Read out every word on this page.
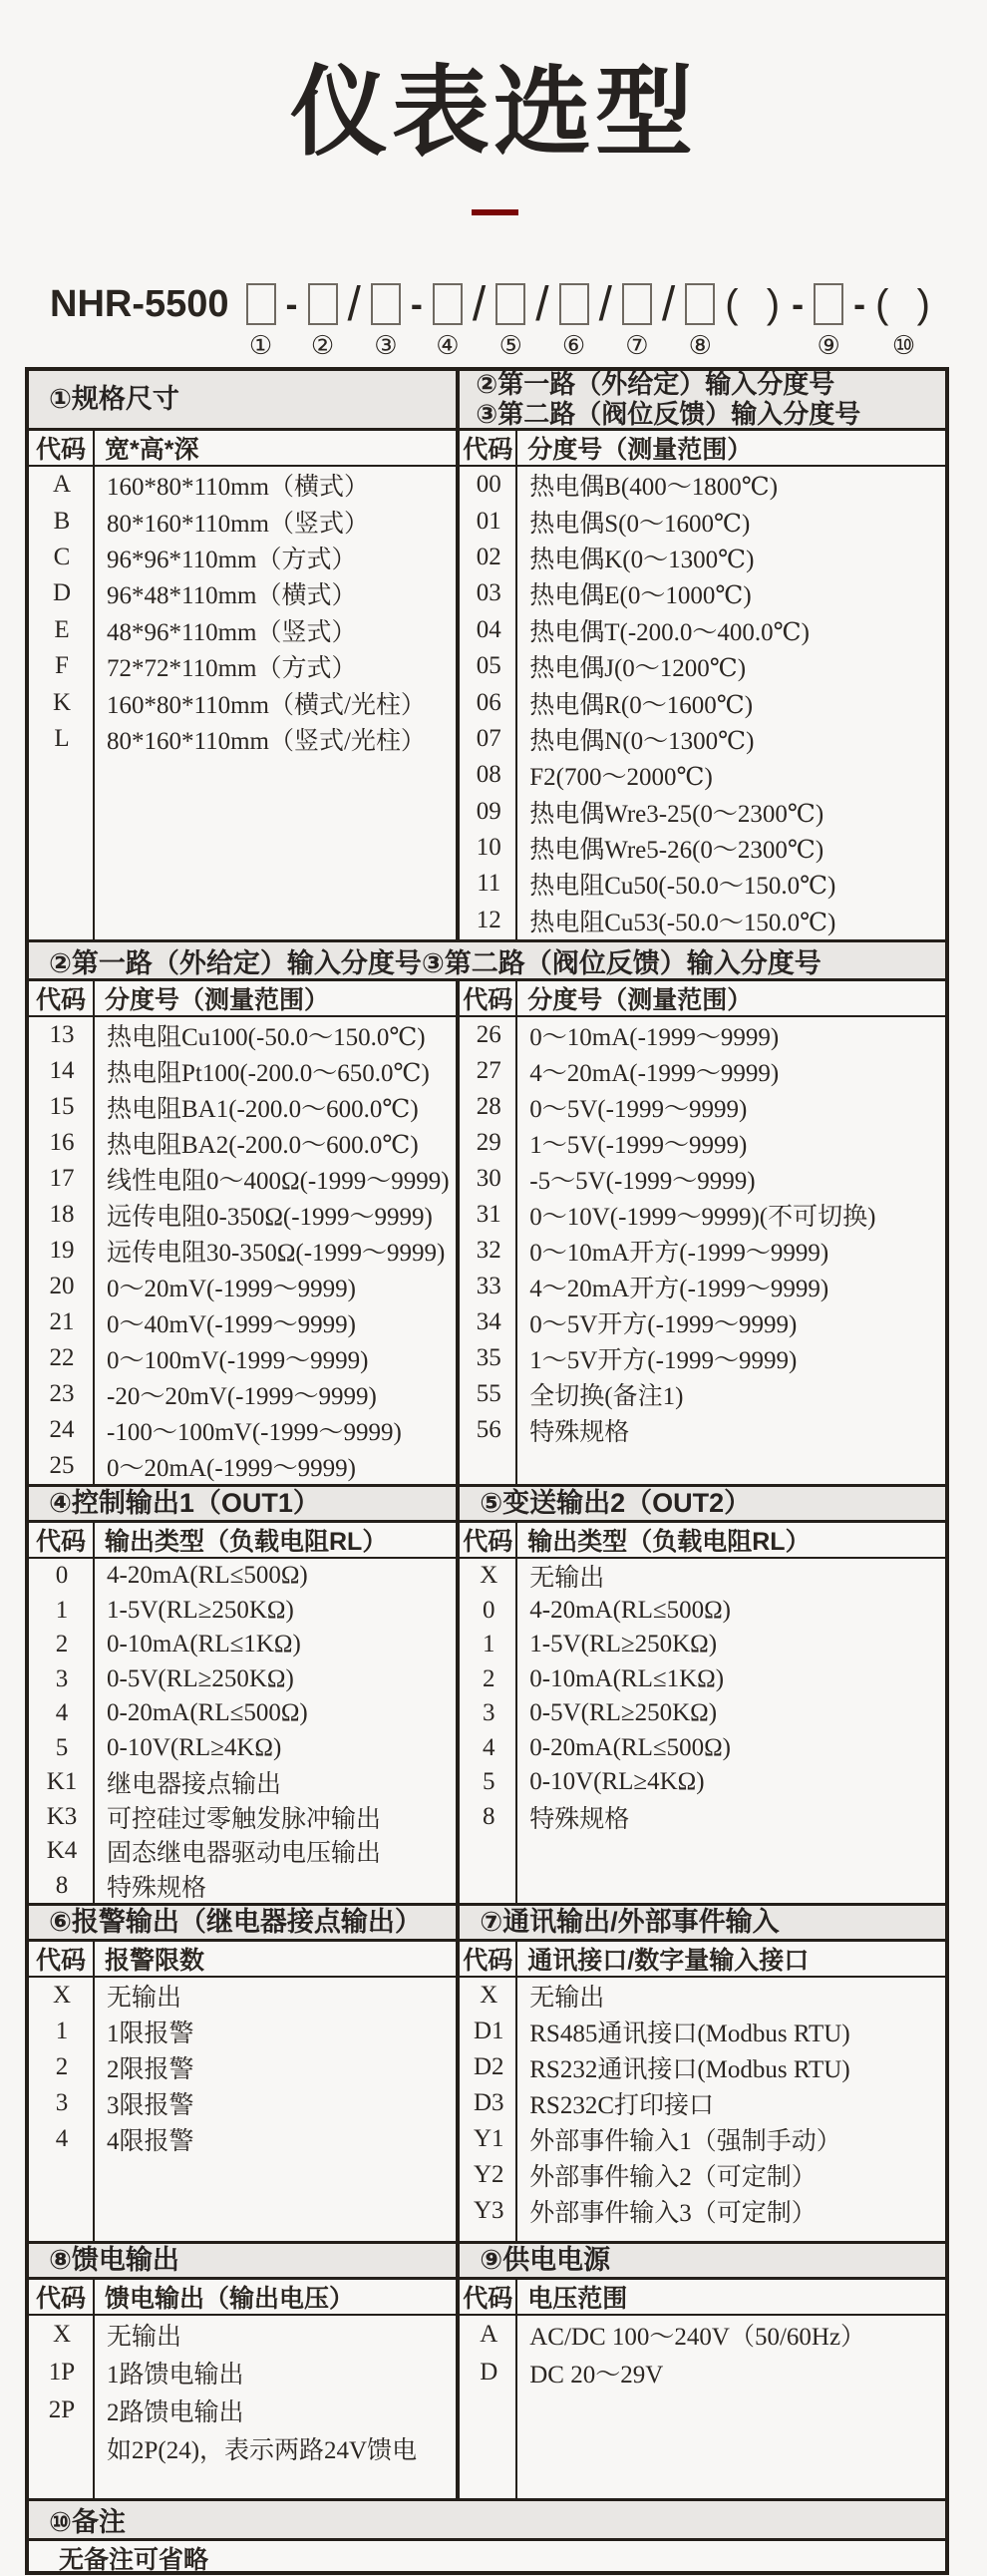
仪表选型
NHR-5500
①
-
②
/
③
-
④
/
⑤
/
⑥
/
⑦
/
⑧
(  ) -
⑨
- (  )
⑩
①规格尺寸
代码 宽*高*深
A	160*80*110mm（横式）
B	80*160*110mm（竖式）
C	96*96*110mm（方式）
D	96*48*110mm（横式）
E	48*96*110mm（竖式）
F	72*72*110mm（方式）
K	160*80*110mm（横式/光柱）
L	80*160*110mm（竖式/光柱）
②第一路（外给定）输入分度号
③第二路（阀位反馈）输入分度号
代码 分度号（测量范围）
00	热电偶B(400～1800℃)
01	热电偶S(0～1600℃)
02	热电偶K(0～1300℃)
03	热电偶E(0～1000℃)
04	热电偶T(-200.0～400.0℃)
05	热电偶J(0～1200℃)
06	热电偶R(0～1600℃)
07	热电偶N(0～1300℃)
08	F2(700～2000℃)
09	热电偶Wre3-25(0～2300℃)
10	热电偶Wre5-26(0～2300℃)
11	热电阻Cu50(-50.0～150.0℃)
12	热电阻Cu53(-50.0～150.0℃)
②第一路（外给定）输入分度号③第二路（阀位反馈）输入分度号
代码 分度号（测量范围）
13	热电阻Cu100(-50.0～150.0℃)
14	热电阻Pt100(-200.0～650.0℃)
15	热电阻BA1(-200.0～600.0℃)
16	热电阻BA2(-200.0～600.0℃)
17	线性电阻0～400Ω(-1999～9999)
18	远传电阻0-350Ω(-1999～9999)
19	远传电阻30-350Ω(-1999～9999)
20	0～20mV(-1999～9999)
21	0～40mV(-1999～9999)
22	0～100mV(-1999～9999)
23	-20～20mV(-1999～9999)
24	-100～100mV(-1999～9999)
25	0～20mA(-1999～9999)
代码 分度号（测量范围）
26	0～10mA(-1999～9999)
27	4～20mA(-1999～9999)
28	0～5V(-1999～9999)
29	1～5V(-1999～9999)
30	-5～5V(-1999～9999)
31	0～10V(-1999～9999)(不可切换)
32	0～10mA开方(-1999～9999)
33	4～20mA开方(-1999～9999)
34	0～5V开方(-1999～9999)
35	1～5V开方(-1999～9999)
55	全切换(备注1)
56	特殊规格
④控制输出1（OUT1）
代码 输出类型（负载电阻RL）
0	4-20mA(RL≤500Ω)
1	1-5V(RL≥250KΩ)
2	0-10mA(RL≤1KΩ)
3	0-5V(RL≥250KΩ)
4	0-20mA(RL≤500Ω)
5	0-10V(RL≥4KΩ)
K1	继电器接点输出
K3	可控硅过零触发脉冲输出
K4	固态继电器驱动电压输出
8	特殊规格
⑤变送输出2（OUT2）
代码 输出类型（负载电阻RL）
X	无输出
0	4-20mA(RL≤500Ω)
1	1-5V(RL≥250KΩ)
2	0-10mA(RL≤1KΩ)
3	0-5V(RL≥250KΩ)
4	0-20mA(RL≤500Ω)
5	0-10V(RL≥4KΩ)
8	特殊规格
⑥报警输出（继电器接点输出）
代码 报警限数
X	无输出
1	1限报警
2	2限报警
3	3限报警
4	4限报警
⑦通讯输出/外部事件输入
代码 通讯接口/数字量输入接口
X	无输出
D1	RS485通讯接口(Modbus RTU)
D2	RS232通讯接口(Modbus RTU)
D3	RS232C打印接口
Y1	外部事件输入1（强制手动）
Y2	外部事件输入2（可定制）
Y3	外部事件输入3（可定制）
⑧馈电输出
代码 馈电输出（输出电压）
X	无输出
1P	1路馈电输出
2P	2路馈电输出
如2P(24)，表示两路24V馈电
⑨供电电源
代码 电压范围
A	AC/DC 100～240V（50/60Hz）
D	DC 20～29V
⑩备注
无备注可省略
